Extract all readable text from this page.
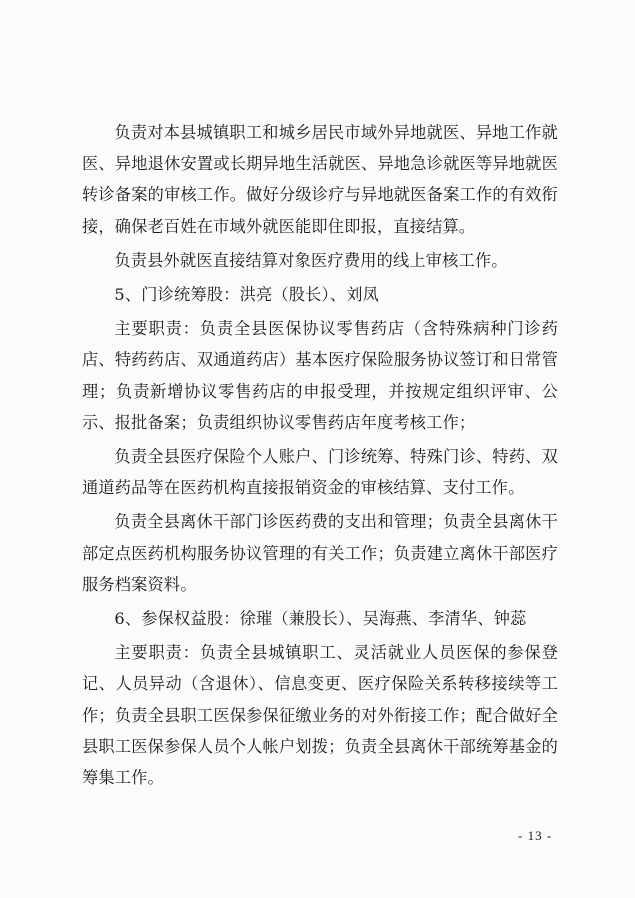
负责对本县城镇职工和城乡居民市域外异地就医、异地工作就医、异地退休安置或长期异地生活就医、异地急诊就医等异地就医转诊备案的审核工作。做好分级诊疗与异地就医备案工作的有效衔接，确保老百姓在市域外就医能即住即报，直接结算。

负责县外就医直接结算对象医疗费用的线上审核工作。

5、门诊统筹股：洪亮（股长）、刘凤

主要职责：负责全县医保协议零售药店（含特殊病种门诊药店、特药药店、双通道药店）基本医疗保险服务协议签订和日常管理；负责新增协议零售药店的申报受理，并按规定组织评审、公示、报批备案；负责组织协议零售药店年度考核工作；

负责全县医疗保险个人账户、门诊统筹、特殊门诊、特药、双通道药品等在医药机构直接报销资金的审核结算、支付工作。

负责全县离休干部门诊医药费的支出和管理；负责全县离休干部定点医药机构服务协议管理的有关工作；负责建立离休干部医疗服务档案资料。

6、参保权益股：徐璀（兼股长）、吴海燕、李清华、钟蕊

主要职责：负责全县城镇职工、灵活就业人员医保的参保登记、人员异动（含退休）、信息变更、医疗保险关系转移接续等工作；负责全县职工医保参保征缴业务的对外衔接工作；配合做好全县职工医保参保人员个人帐户划拨；负责全县离休干部统筹基金的筹集工作。

- 13 -
